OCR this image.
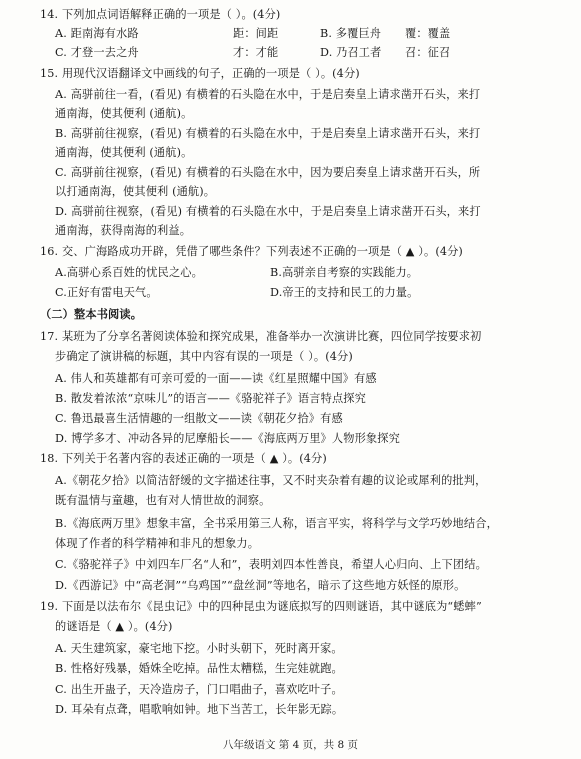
14. 下列加点词语解释正确的一项是（ ）。(4分)
A. 距南海有水路	距：间距	B. 多覆巨舟 覆：覆盖
C. 才登一去之舟	才：才能	D. 乃召工者 召：征召
15. 用现代汉语翻译文中画线的句子，正确的一项是（ ）。(4分)
A. 高骈前往一看，(看见) 有横着的石头隐在水中，于是启奏皇上请求凿开石头，来打
通南海，使其便利 (通航)。
B. 高骈前往视察，(看见) 有横着的石头隐在水中，于是启奏皇上请求凿开石头，来打
通南海，使其便利 (通航)。
C. 高骈前往视察，(看见) 有横着的石头隐在水中，因为要启奏皇上请求凿开石头，所
以打通南海，使其便利 (通航)。
D. 高骈前往视察，(看见) 有横着的石头隐在水中，于是启奏皇上请求凿开石头，来打
通南海，获得南海的利益。
16. 交、广海路成功开辟，凭借了哪些条件？下列表述不正确的一项是（ ▲ ）。(4分)
A.高骈心系百姓的忧民之心。	B.高骈亲自考察的实践能力。
C.正好有雷电天气。	D.帝王的支持和民工的力量。
（二）整本书阅读。
17. 某班为了分享名著阅读体验和探究成果，准备举办一次演讲比赛，四位同学按要求初
步确定了演讲稿的标题，其中内容有误的一项是（ ）。(4分)
A. 伟人和英雄都有可亲可爱的一面——读《红星照耀中国》有感
B. 散发着浓浓“京味儿”的语言——《骆驼祥子》语言特点探究
C. 鲁迅最喜生活情趣的一组散文——读《朝花夕拾》有感
D. 博学多才、冲动各异的尼摩船长——《海底两万里》人物形象探究
18. 下列关于名著内容的表述正确的一项是（ ▲ ）。(4分)
A.《朝花夕拾》以简洁舒缓的文字描述往事，又不时夹杂着有趣的议论或犀利的批判，
既有温情与童趣，也有对人情世故的洞察。
B.《海底两万里》想象丰富，全书采用第三人称，语言平实，将科学与文学巧妙地结合，
体现了作者的科学精神和非凡的想象力。
C.《骆驼祥子》中刘四车厂名“人和”，表明刘四本性善良，希望人心归向、上下团结。
D.《西游记》中“高老洞”“乌鸡国”“盘丝洞”等地名，暗示了这些地方妖怪的原形。
19. 下面是以法布尔《昆虫记》中的四种昆虫为谜底拟写的四则谜语，其中谜底为“蟋蟀”
的谜语是（ ▲ ）。(4分)
A. 天生建筑家，豪宅地下挖。小时头朝下，死时离开家。
B. 性格好残暴，婚姝全吃掉。品性太糟糕，生完娃就跑。
C. 出生开蛊子，天冷造房子，门口唱曲子，喜欢吃叶子。
D. 耳朵有点聋，唱歌响如钟。地下当苦工，长年影无踪。
八年级语文 第 4 页，共 8 页
